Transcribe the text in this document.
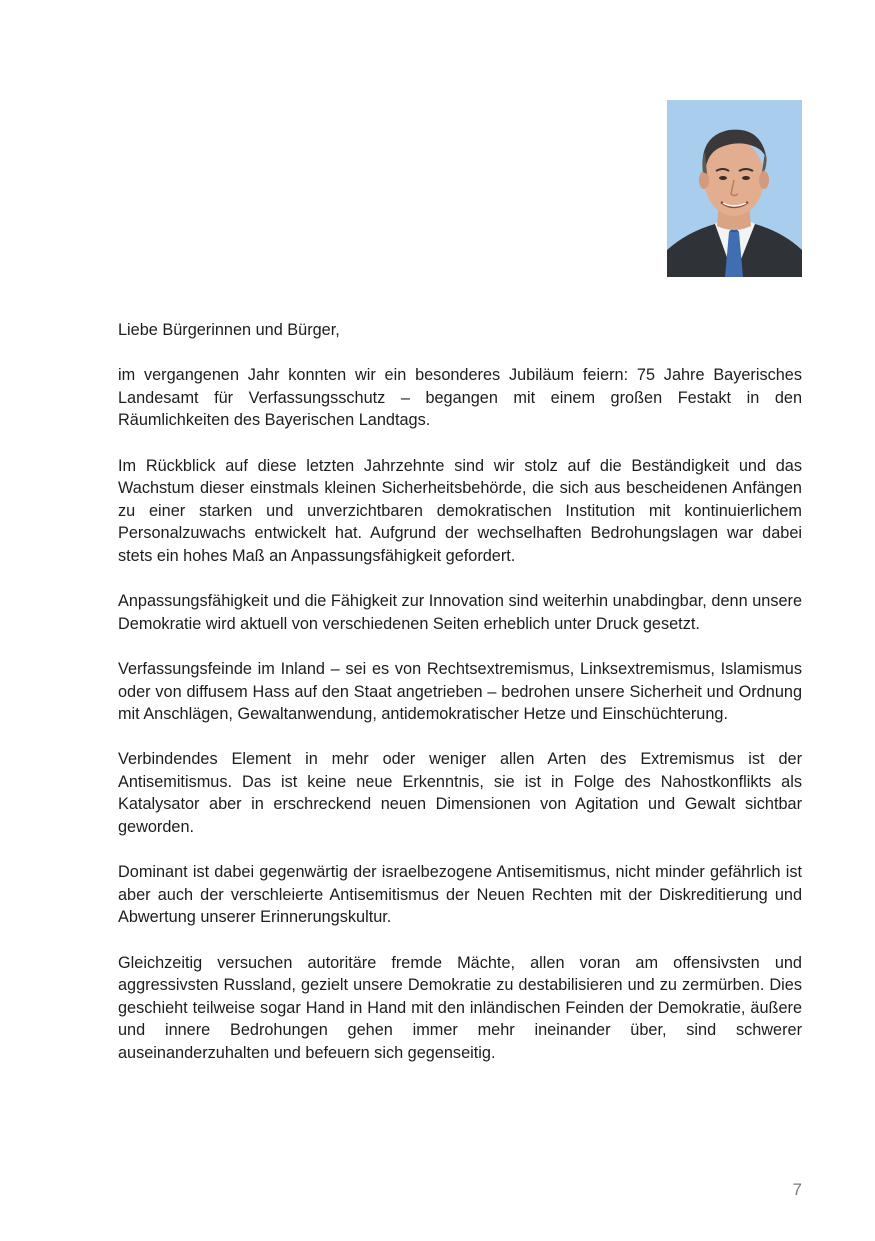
Liebe Bürgerinnen und Bürger,

im vergangenen Jahr konnten wir ein besonderes Jubiläum feiern: 75 Jahre Bayerisches Landesamt für Verfassungsschutz – begangen mit einem großen Festakt in den Räumlichkeiten des Bayerischen Landtags.

Im Rückblick auf diese letzten Jahrzehnte sind wir stolz auf die Beständigkeit und das Wachstum dieser einstmals kleinen Sicherheitsbehörde, die sich aus bescheidenen Anfängen zu einer starken und unverzichtbaren demokratischen Institution mit kontinuierlichem Personalzuwachs entwickelt hat. Aufgrund der wechselhaften Bedrohungslagen war dabei stets ein hohes Maß an Anpassungsfähigkeit gefordert.

Anpassungsfähigkeit und die Fähigkeit zur Innovation sind weiterhin unabdingbar, denn unsere Demokratie wird aktuell von verschiedenen Seiten erheblich unter Druck gesetzt.

Verfassungsfeinde im Inland – sei es von Rechtsextremismus, Linksextremismus, Islamismus oder von diffusem Hass auf den Staat angetrieben – bedrohen unsere Sicherheit und Ordnung mit Anschlägen, Gewaltanwendung, antidemokratischer Hetze und Einschüchterung.

Verbindendes Element in mehr oder weniger allen Arten des Extremismus ist der Antisemitismus. Das ist keine neue Erkenntnis, sie ist in Folge des Nahostkonflikts als Katalysator aber in erschreckend neuen Dimensionen von Agitation und Gewalt sichtbar geworden.

Dominant ist dabei gegenwärtig der israelbezogene Antisemitismus, nicht minder gefährlich ist aber auch der verschleierte Antisemitismus der Neuen Rechten mit der Diskreditierung und Abwertung unserer Erinnerungskultur.

Gleichzeitig versuchen autoritäre fremde Mächte, allen voran am offensivsten und aggressivsten Russland, gezielt unsere Demokratie zu destabilisieren und zu zermürben. Dies geschieht teilweise sogar Hand in Hand mit den inländischen Feinden der Demokratie, äußere und innere Bedrohungen gehen immer mehr ineinander über, sind schwerer auseinanderzuhalten und befeuern sich gegenseitig.

7
